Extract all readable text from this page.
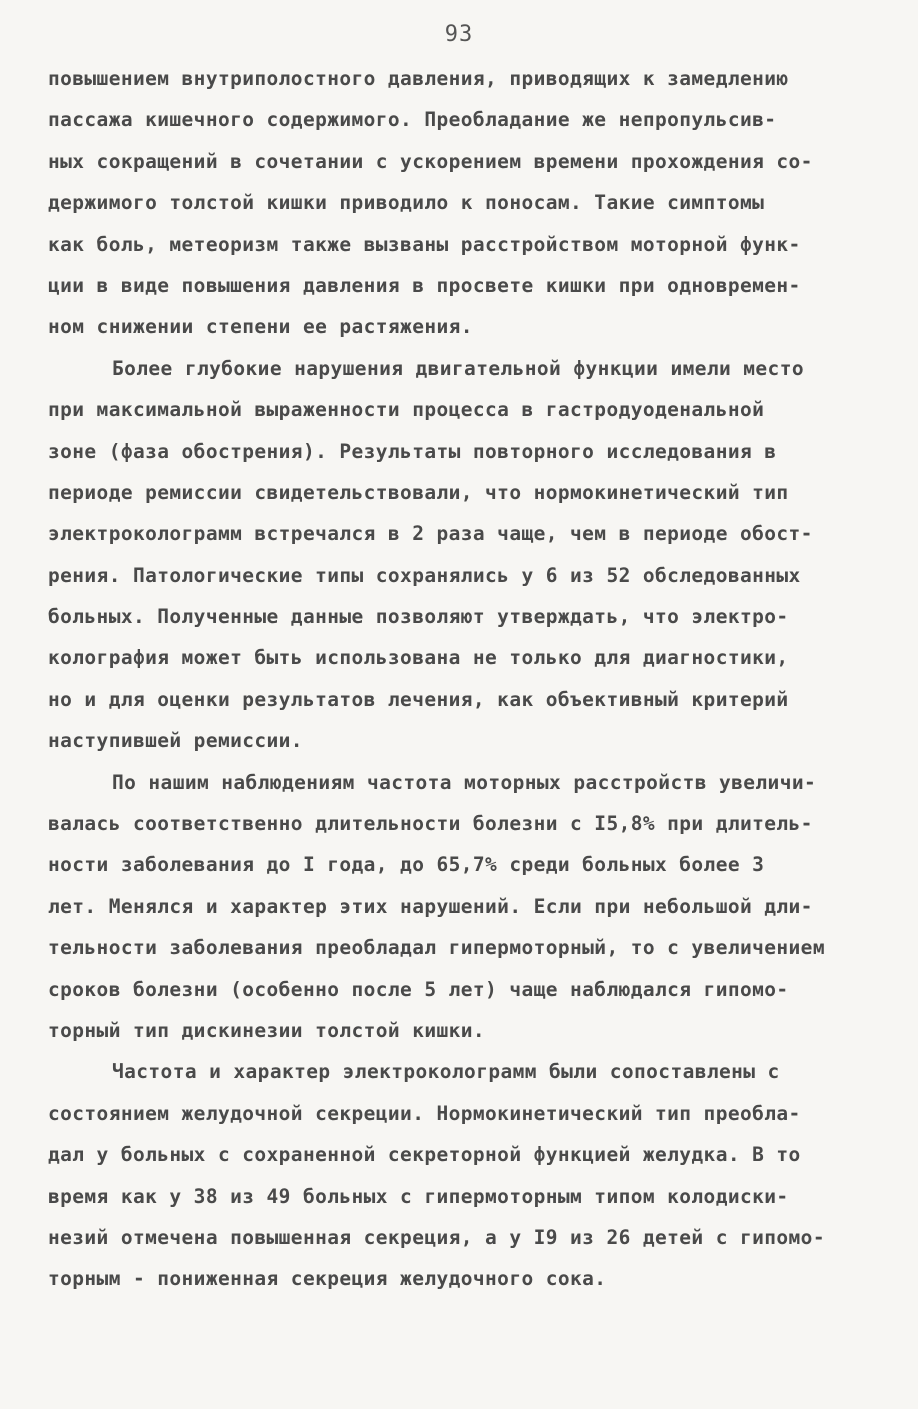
93
повышением внутриполостного давления, приводящих к замедлению
пассажа кишечного содержимого. Преобладание же непропульсив-
ных сокращений в сочетании с ускорением времени прохождения со-
держимого толстой кишки приводило к поносам. Такие симптомы
как боль, метеоризм также вызваны расстройством моторной функ-
ции в виде повышения давления в просвете кишки при одновремен-
ном снижении степени ее растяжения.
Более глубокие нарушения двигательной функции имели место
при максимальной выраженности процесса в гастродуоденальной
зоне (фаза обострения). Результаты повторного исследования в
периоде ремиссии свидетельствовали, что нормокинетический тип
электрокологрaмм встречался в 2 раза чаще, чем в периоде обост-
рения. Патологические типы сохранялись у 6 из 52 обследованных
больных. Полученные данные позволяют утверждать, что электро-
колография может быть использована не только для диагностики,
но и для оценки результатов лечения, как объективный критерий
наступившей ремиссии.
По нашим наблюдениям частота моторных расстройств увеличи-
валась соответственно длительности болезни с I5,8% при длитель-
ности заболевания до I года, до 65,7% среди больных более 3
лет. Менялся и характер этих нарушений. Если при небольшой дли-
тельности заболевания преобладал гипермоторный, то с увеличением
сроков болезни (особенно после 5 лет) чаще наблюдался гипомо-
торный тип дискинезии толстой кишки.
Частота и характер электрокологрaмм были сопоставлены с
состоянием желудочной секреции. Нормокинетический тип преобла-
дал у больных с сохраненной секреторной функцией желудка. В то
время как у 38 из 49 больных с гипермоторным типом колодиски-
незий отмечена повышенная секреция, а у I9 из 26 детей с гипомо-
торным - пониженная секреция желудочного сока.
